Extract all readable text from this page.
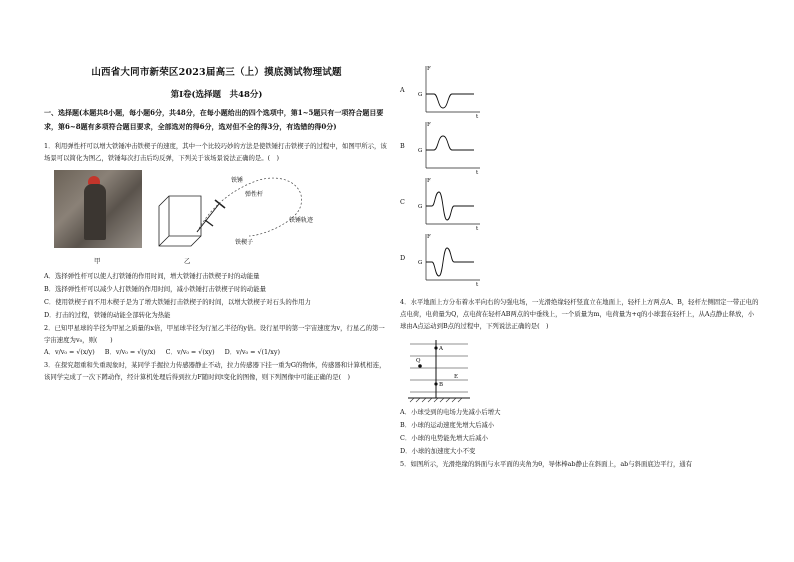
山西省大同市新荣区2023届高三（上）摸底测试物理试题
第Ⅰ卷(选择题　共48分)

一、选择题(本题共8小题，每小题6分，共48分，在每小题给出的四个选项中，第1~5题只有一项符合题目要求，第6~8题有多项符合题目要求，全部选对的得6分，选对但不全的得3分，有选错的得0分)

1．利用弹性杆可以增大铁锤冲击铁楔子的速度，其中一个比较巧妙的方法是使铁锤打击铁楔子的过程中，如图甲所示，该场景可以简化为图乙，铁锤每次打击后均反弹，下列关于该场景说法正确的是。(　)

铁锤
弹性杆
铁锤轨迹
铁楔子
甲	乙

A．选择弹性杆可以使人打铁锤的作用时间，增大铁锤打击铁楔子时的动能量

B．选择弹性杆可以减少人打铁锤的作用时间，减小铁锤打击铁楔子时的动能量

C．使用铁楔子而不用木楔子是为了增大铁锤打击铁楔子的时间，以增大铁楔子对石头的作用力

D．打击的过程，铁锤的动能全部转化为热能

2．已知甲星球的半径为甲星之质量的x倍，甲星球半径为行星乙半径的y倍。设行星甲的第一宇宙速度为v，行星乙的第一宇宙速度为v₀，则(　　)

A．v/v₀ = √(x/y) B．v/v₀ = √(y/x) C．v/v₀ = √(xy) D．v/v₀ = √(1/xy)

3．在探究超重和失重现象时，某同学手握拉力传感器静止不动，拉力传感器下挂一重为G的物体，传感器和计算机相连，该同学完成了一次下蹲动作，经计算机处理后得到拉力F随时间t变化的图像，则下列图像中可能正确的是(　)

A
F
t
G
B
F
t
G
C
F
t
G
D
F
t
G

4．水平地面上方分布着水平向右的匀强电场，一光滑绝缘轻杆竖直立在地面上，轻杆上方两点A、B，轻杆左侧固定一带正电的点电荷，电荷量为Q，点电荷在轻杆AB两点的中垂线上，一个质量为m，电荷量为+q的小球套在轻杆上，从A点静止释放，小球由A点运动到B点的过程中，下列说法正确的是(　)

A
B
Q
E

A．小球受到的电场力先减小后增大

B．小球的运动速度先增大后减小

C．小球的电势能先增大后减小

D．小球的加速度大小不变

5．如图所示，光滑绝缘的斜面与水平面的夹角为θ，导体棒ab静止在斜面上，ab与斜面底边平行，通有
